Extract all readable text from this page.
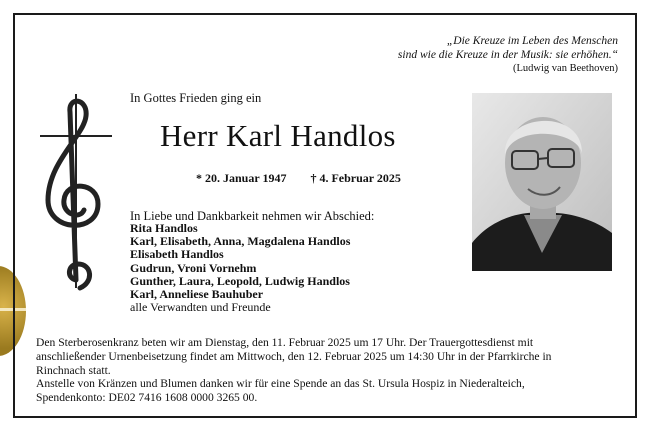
„Die Kreuze im Leben des Menschen
sind wie die Kreuze in der Musik: sie erhöhen.“
(Ludwig van Beethoven)
In Gottes Frieden ging ein
Herr Karl Handlos
* 20. Januar 1947 † 4. Februar 2025
In Liebe und Dankbarkeit nehmen wir Abschied:
Rita Handlos
Karl, Elisabeth, Anna, Magdalena Handlos
Elisabeth Handlos
Gudrun, Vroni Vornehm
Gunther, Laura, Leopold, Ludwig Handlos
Karl, Anneliese Bauhuber
alle Verwandten und Freunde

Den Sterberosenkranz beten wir am Dienstag, den 11. Februar 2025 um 17 Uhr. Der Trauergottesdienst mit

anschließender Urnenbeisetzung findet am Mittwoch, den 12. Februar 2025 um 14:30 Uhr in der Pfarrkirche in

Rinchnach statt.

Anstelle von Kränzen und Blumen danken wir für eine Spende an das St. Ursula Hospiz in Niederalteich,

Spendenkonto: DE02 7416 1608 0000 3265 00.
